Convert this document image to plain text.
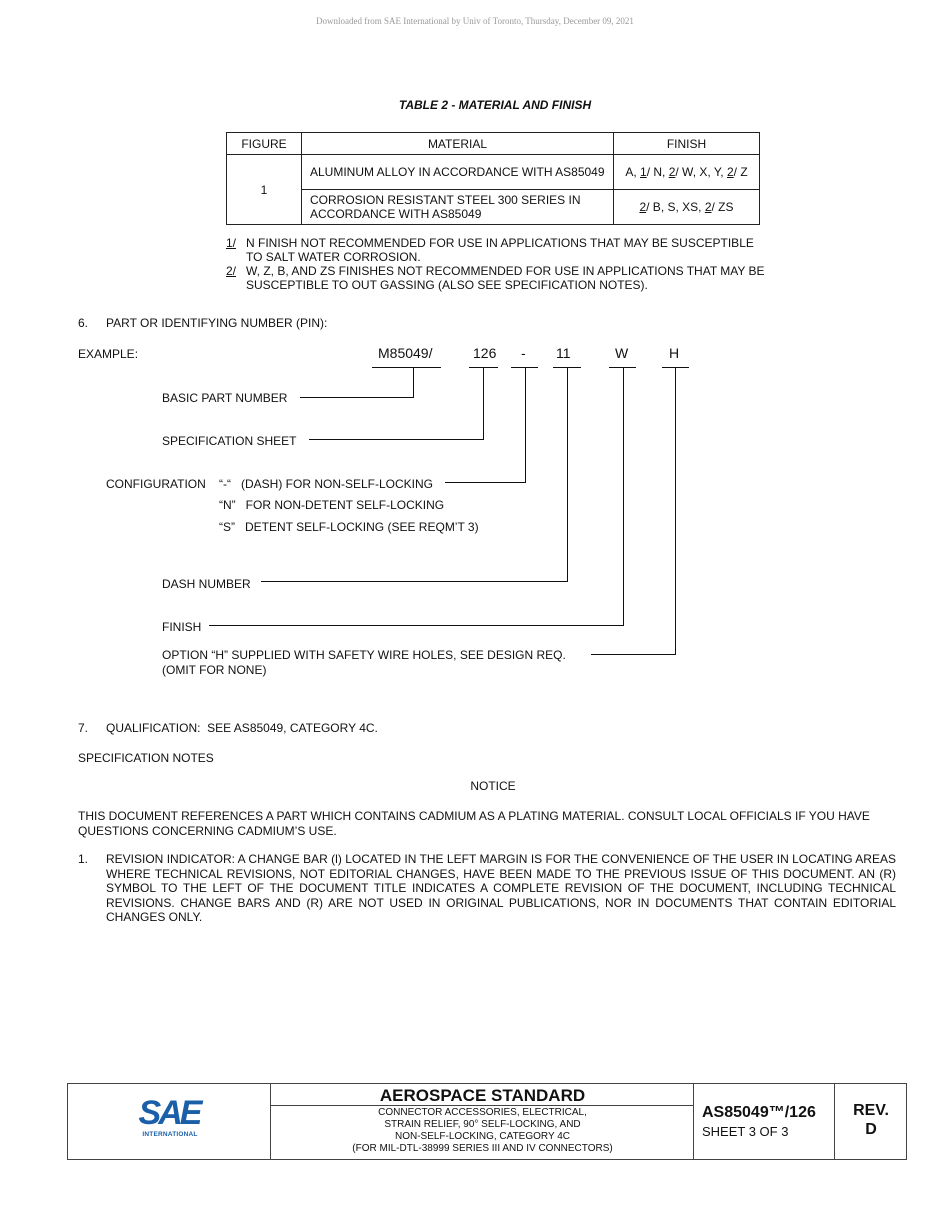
Downloaded from SAE International by Univ of Toronto, Thursday, December 09, 2021
TABLE 2 - MATERIAL AND FINISH
FIGURE	MATERIAL	FINISH
1	ALUMINUM ALLOY IN ACCORDANCE WITH AS85049	A, 1/ N, 2/ W, X, Y, 2/ Z
	CORROSION RESISTANT STEEL 300 SERIES IN ACCORDANCE WITH AS85049	2/ B, S, XS, 2/ ZS
1/ N FINISH NOT RECOMMENDED FOR USE IN APPLICATIONS THAT MAY BE SUSCEPTIBLE TO SALT WATER CORROSION.
2/ W, Z, B, AND ZS FINISHES NOT RECOMMENDED FOR USE IN APPLICATIONS THAT MAY BE SUSCEPTIBLE TO OUT GASSING (ALSO SEE SPECIFICATION NOTES).
6. PART OR IDENTIFYING NUMBER (PIN):
EXAMPLE:	M85049/	126 - 11	W	H
BASIC PART NUMBER
SPECIFICATION SHEET
CONFIGURATION “-“   (DASH) FOR NON-SELF-LOCKING
“N”   FOR NON-DETENT SELF-LOCKING
“S”   DETENT SELF-LOCKING (SEE REQM’T 3)
DASH NUMBER
FINISH
OPTION “H” SUPPLIED WITH SAFETY WIRE HOLES, SEE DESIGN REQ.
(OMIT FOR NONE)
7. QUALIFICATION:  SEE AS85049, CATEGORY 4C.
SPECIFICATION NOTES
NOTICE
THIS DOCUMENT REFERENCES A PART WHICH CONTAINS CADMIUM AS A PLATING MATERIAL. CONSULT LOCAL OFFICIALS IF YOU HAVE QUESTIONS CONCERNING CADMIUM’S USE.
1. REVISION INDICATOR: A CHANGE BAR (l) LOCATED IN THE LEFT MARGIN IS FOR THE CONVENIENCE OF THE USER IN LOCATING AREAS WHERE TECHNICAL REVISIONS, NOT EDITORIAL CHANGES, HAVE BEEN MADE TO THE PREVIOUS ISSUE OF THIS DOCUMENT. AN (R) SYMBOL TO THE LEFT OF THE DOCUMENT TITLE INDICATES A COMPLETE REVISION OF THE DOCUMENT, INCLUDING TECHNICAL REVISIONS. CHANGE BARS AND (R) ARE NOT USED IN ORIGINAL PUBLICATIONS, NOR IN DOCUMENTS THAT CONTAIN EDITORIAL CHANGES ONLY.
SAE
INTERNATIONAL
AEROSPACE STANDARD
CONNECTOR ACCESSORIES, ELECTRICAL,
STRAIN RELIEF, 90° SELF-LOCKING, AND
NON-SELF-LOCKING, CATEGORY 4C
(FOR MIL-DTL-38999 SERIES III AND IV CONNECTORS)
AS85049™/126
SHEET 3 OF 3
REV.
D
